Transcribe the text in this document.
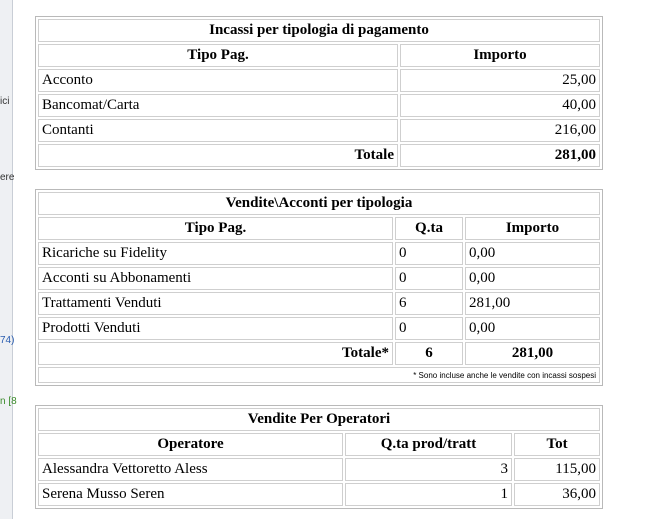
ici
ere
74)
n [8
Incassi per tipologia di pagamento	
Tipo Pag.	Importo
Acconto	25,00
Bancomat/Carta	40,00
Contanti	216,00
Totale	281,00
Vendite\Acconti per tipologia		
Tipo Pag.	Q.ta	Importo
Ricariche su Fidelity	0	0,00
Acconti su Abbonamenti	0	0,00
Trattamenti Venduti	6	281,00
Prodotti Venduti	0	0,00
Totale*	6	281,00
* Sono incluse anche le vendite con incassi sospesi		
Vendite Per Operatori		
Operatore	Q.ta prod/tratt	Tot
Alessandra Vettoretto Aless	3	115,00
Serena Musso Seren	1	36,00
